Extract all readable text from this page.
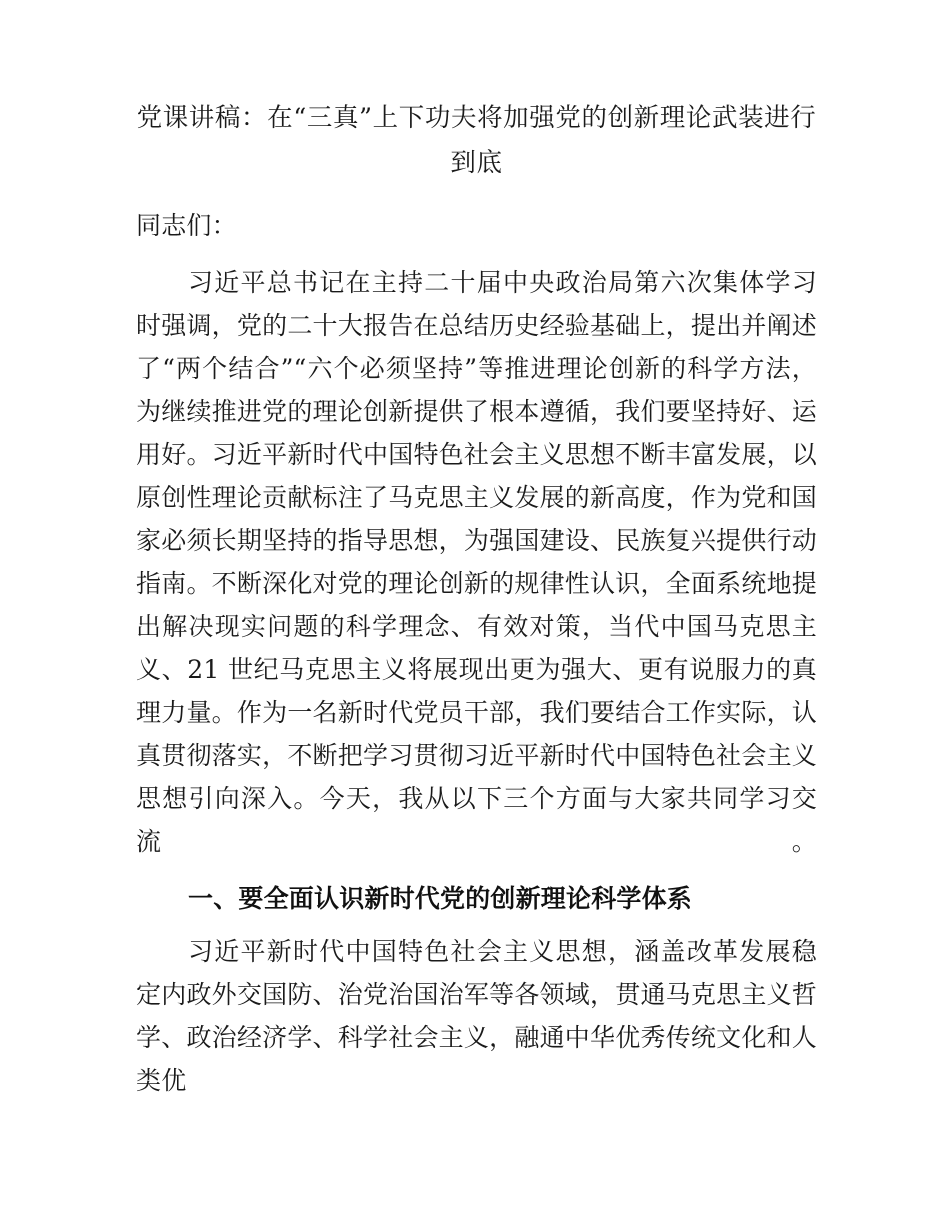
党课讲稿：在“三真”上下功夫将加强党的创新理论武装进行
到底

同志们：

习近平总书记在主持二十届中央政治局第六次集体学习时强调，党的二十大报告在总结历史经验基础上，提出并阐述了“两个结合”“六个必须坚持”等推进理论创新的科学方法，为继续推进党的理论创新提供了根本遵循，我们要坚持好、运用好。习近平新时代中国特色社会主义思想不断丰富发展，以原创性理论贡献标注了马克思主义发展的新高度，作为党和国家必须长期坚持的指导思想，为强国建设、民族复兴提供行动指南。不断深化对党的理论创新的规律性认识，全面系统地提出解决现实问题的科学理念、有效对策，当代中国马克思主义、21 世纪马克思主义将展现出更为强大、更有说服力的真理力量。作为一名新时代党员干部，我们要结合工作实际，认真贯彻落实，不断把学习贯彻习近平新时代中国特色社会主义思想引向深入。今天，我从以下三个方面与大家共同学习交流。

一、要全面认识新时代党的创新理论科学体系

习近平新时代中国特色社会主义思想，涵盖改革发展稳定内政外交国防、治党治国治军等各领域，贯通马克思主义哲学、政治经济学、科学社会主义，融通中华优秀传统文化和人类优
